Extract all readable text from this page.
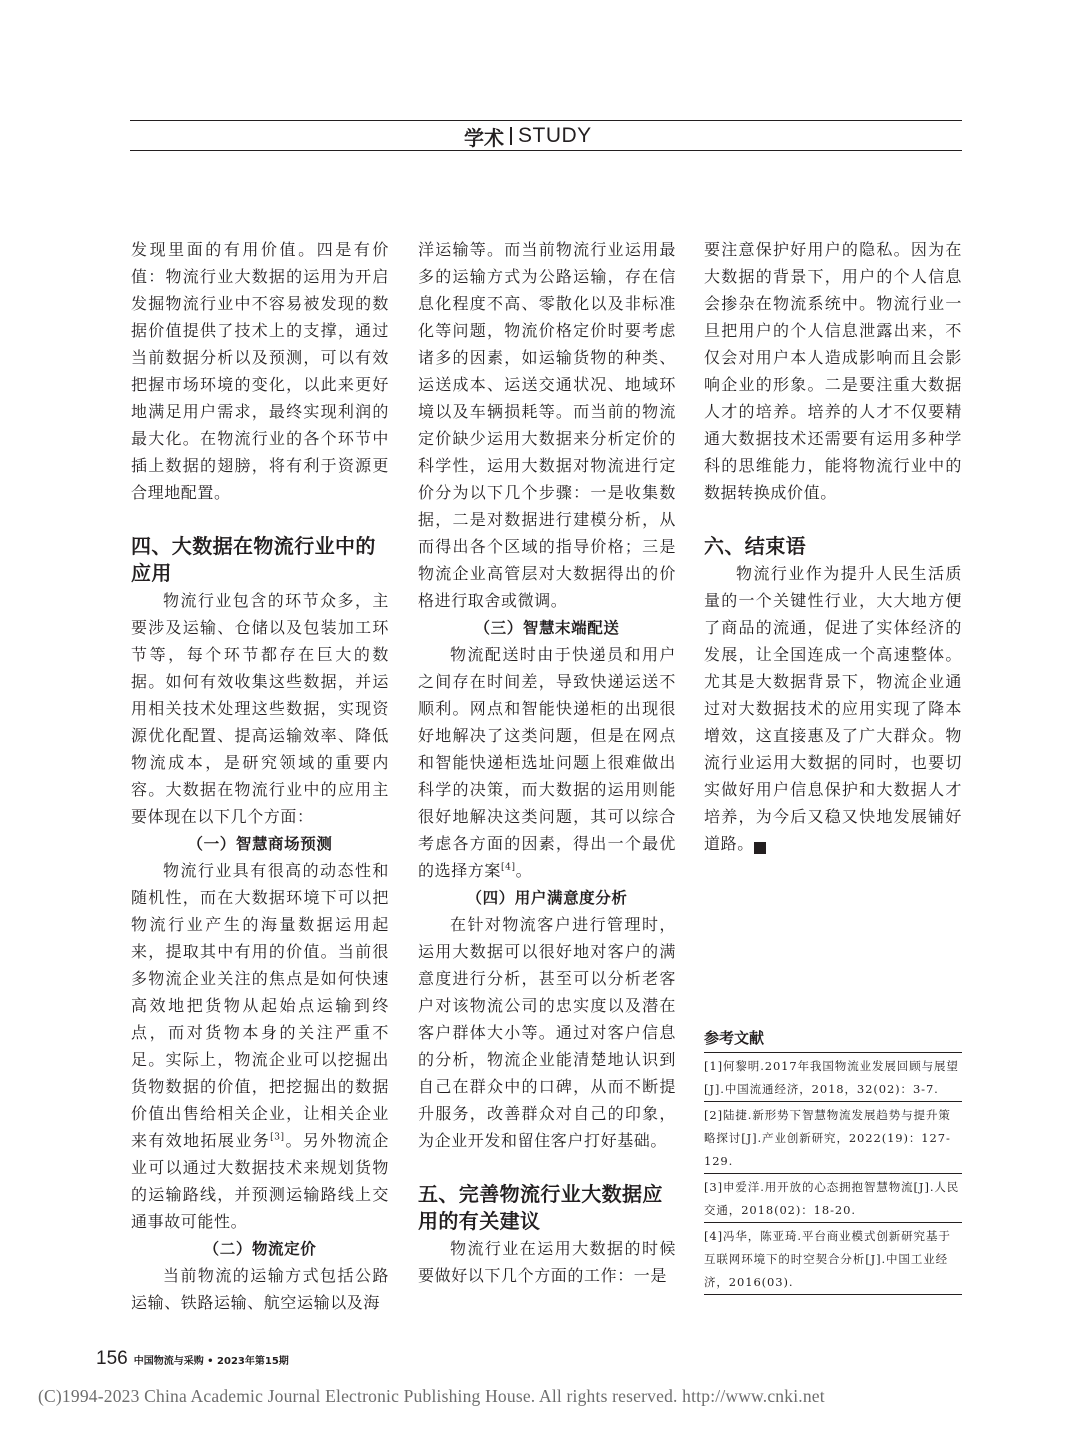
学术 STUDY

发现里面的有用价值。四是有价值：物流行业大数据的运用为开启发掘物流行业中不容易被发现的数据价值提供了技术上的支撑，通过当前数据分析以及预测，可以有效把握市场环境的变化，以此来更好地满足用户需求，最终实现利润的最大化。在物流行业的各个环节中插上数据的翅膀，将有利于资源更合理地配置。

四、大数据在物流行业中的应用

物流行业包含的环节众多，主要涉及运输、仓储以及包装加工环节等，每个环节都存在巨大的数据。如何有效收集这些数据，并运用相关技术处理这些数据，实现资源优化配置、提高运输效率、降低物流成本，是研究领域的重要内容。大数据在物流行业中的应用主要体现在以下几个方面：

（一）智慧商场预测

物流行业具有很高的动态性和随机性，而在大数据环境下可以把物流行业产生的海量数据运用起来，提取其中有用的价值。当前很多物流企业关注的焦点是如何快速高效地把货物从起始点运输到终点，而对货物本身的关注严重不足。实际上，物流企业可以挖掘出货物数据的价值，把挖掘出的数据价值出售给相关企业，让相关企业来有效地拓展业务[3]。另外物流企业可以通过大数据技术来规划货物的运输路线，并预测运输路线上交通事故可能性。

（二）物流定价

当前物流的运输方式包括公路运输、铁路运输、航空运输以及海

洋运输等。而当前物流行业运用最多的运输方式为公路运输，存在信息化程度不高、零散化以及非标准化等问题，物流价格定价时要考虑诸多的因素，如运输货物的种类、运送成本、运送交通状况、地域环境以及车辆损耗等。而当前的物流定价缺少运用大数据来分析定价的科学性，运用大数据对物流进行定价分为以下几个步骤：一是收集数据，二是对数据进行建模分析，从而得出各个区域的指导价格；三是物流企业高管层对大数据得出的价格进行取舍或微调。

（三）智慧末端配送

物流配送时由于快递员和用户之间存在时间差，导致快递运送不顺利。网点和智能快递柜的出现很好地解决了这类问题，但是在网点和智能快递柜选址问题上很难做出科学的决策，而大数据的运用则能很好地解决这类问题，其可以综合考虑各方面的因素，得出一个最优的选择方案[4]。

（四）用户满意度分析

在针对物流客户进行管理时，运用大数据可以很好地对客户的满意度进行分析，甚至可以分析老客户对该物流公司的忠实度以及潜在客户群体大小等。通过对客户信息的分析，物流企业能清楚地认识到自己在群众中的口碑，从而不断提升服务，改善群众对自己的印象，为企业开发和留住客户打好基础。

五、完善物流行业大数据应用的有关建议

物流行业在运用大数据的时候要做好以下几个方面的工作：一是

要注意保护好用户的隐私。因为在大数据的背景下，用户的个人信息会掺杂在物流系统中。物流行业一旦把用户的个人信息泄露出来，不仅会对用户本人造成影响而且会影响企业的形象。二是要注重大数据人才的培养。培养的人才不仅要精通大数据技术还需要有运用多种学科的思维能力，能将物流行业中的数据转换成价值。

六、结束语

物流行业作为提升人民生活质量的一个关键性行业，大大地方便了商品的流通，促进了实体经济的发展，让全国连成一个高速整体。尤其是大数据背景下，物流企业通过对大数据技术的应用实现了降本增效，这直接惠及了广大群众。物流行业运用大数据的同时，也要切实做好用户信息保护和大数据人才培养，为今后又稳又快地发展铺好道路。	SL

参考文献

[1]何黎明.2017年我国物流业发展回顾与展望[J].中国流通经济，2018，32(02)：3-7.

[2]陆捷.新形势下智慧物流发展趋势与提升策略探讨[J].产业创新研究，2022(19)：127-129.

[3]申爱洋.用开放的心态拥抱智慧物流[J].人民交通，2018(02)：18-20.

[4]冯华，陈亚琦.平台商业模式创新研究基于互联网环境下的时空契合分析[J].中国工业经济，2016(03).

156 中国物流与采购 • 2023年第15期
(C)1994-2023 China Academic Journal Electronic Publishing House. All rights reserved. http://www.cnki.net
